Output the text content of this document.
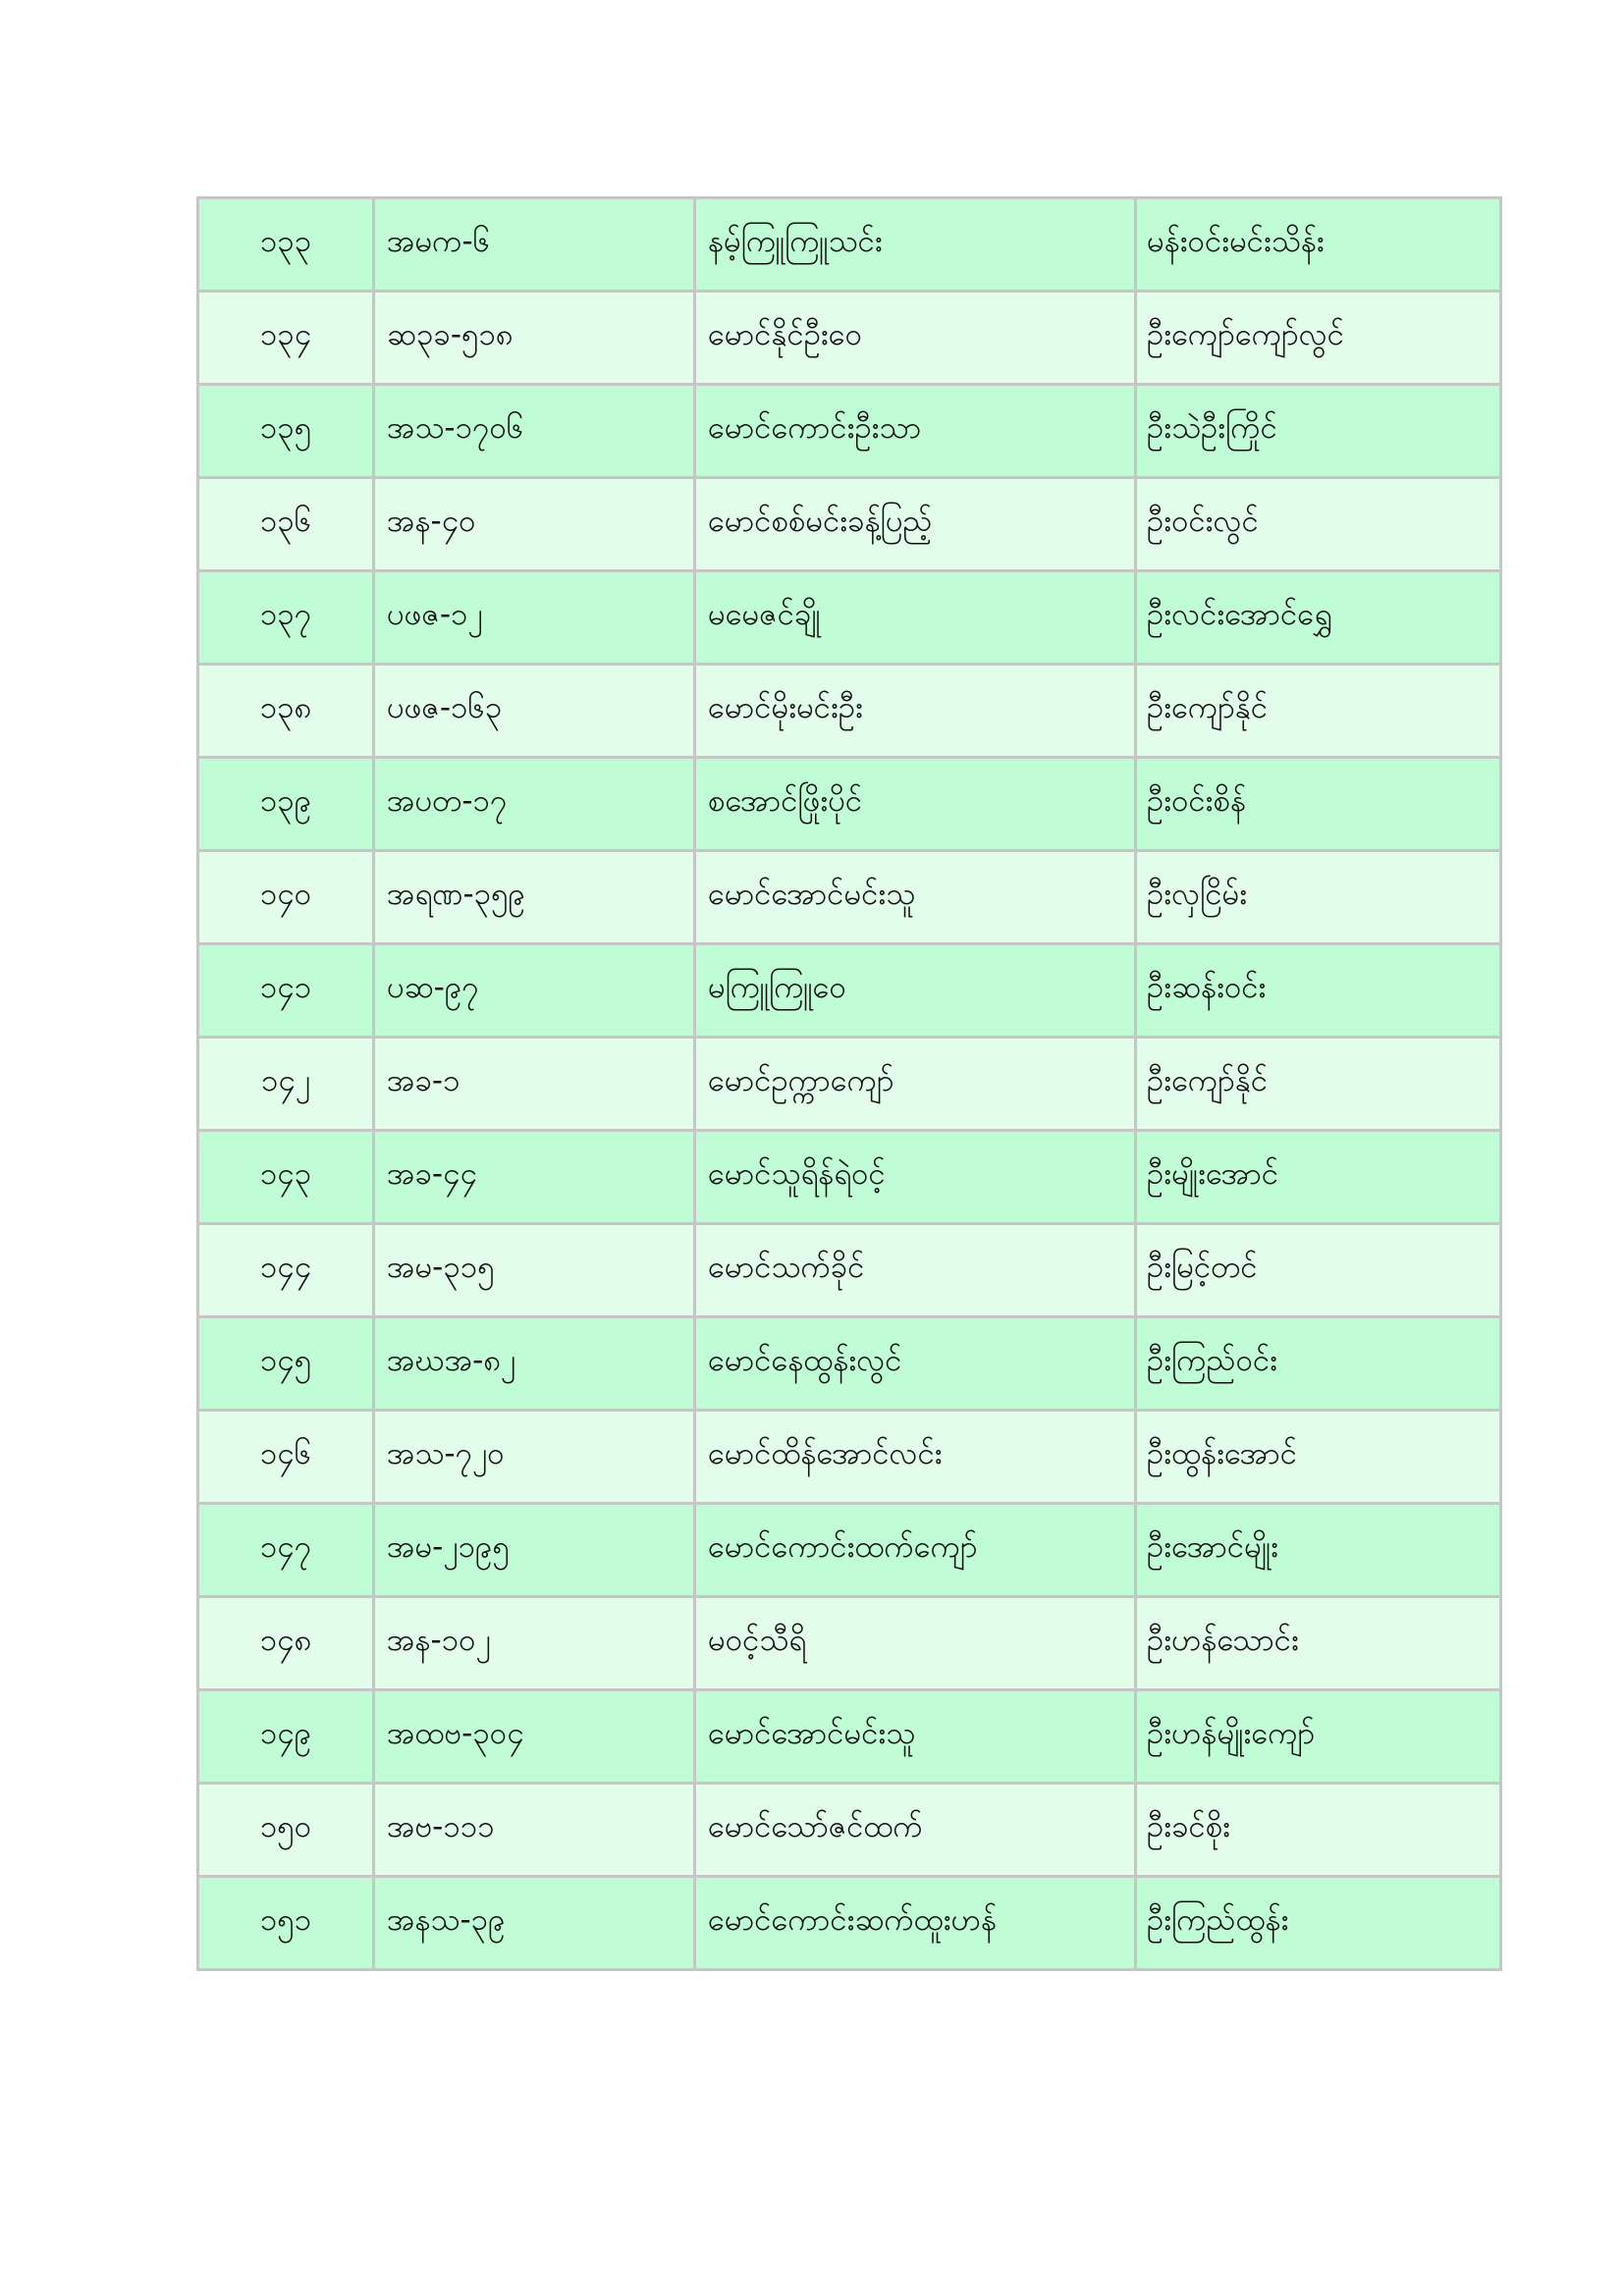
၁၃၃	အမက-၆	နမ့်ကြူကြူသင်း	မန်းဝင်းမင်းသိန်း
၁၃၄	ဆ၃ခ-၅၁၈	မောင်နိုင်ဦးဝေ	ဦးကျော်ကျော်လွင်
၁၃၅	အသ-၁၇၀၆	မောင်ကောင်းဦးသာ	ဦးသဲဦးကြိုင်
၁၃၆	အန-၄၀	မောင်စစ်မင်းခန့်ပြည့်	ဦးဝင်းလွင်
၁၃၇	ပဖဇ-၁၂	မမေဇင်ချို	ဦးလင်းအောင်ရွှေ
၁၃၈	ပဖဇ-၁၆၃	မောင်မိုးမင်းဦး	ဦးကျော်နိုင်
၁၃၉	အပတ-၁၇	စအောင်ဖြိုးပိုင်	ဦးဝင်းစိန်
၁၄၀	အရဏ-၃၅၉	မောင်အောင်မင်းသူ	ဦးလှငြိမ်း
၁၄၁	ပဆ-၉၇	မကြူကြူဝေ	ဦးဆန်းဝင်း
၁၄၂	အခ-၁	မောင်ဥက္ကာကျော်	ဦးကျော်နိုင်
၁၄၃	အခ-၄၄	မောင်သူရိန်ရဲဝင့်	ဦးမျိုးအောင်
၁၄၄	အမ-၃၁၅	မောင်သက်ခိုင်	ဦးမြင့်တင်
၁၄၅	အဃအ-၈၂	မောင်နေထွန်းလွင်	ဦးကြည်ဝင်း
၁၄၆	အသ-၇၂၀	မောင်ထိန်အောင်လင်း	ဦးထွန်းအောင်
၁၄၇	အမ-၂၁၉၅	မောင်ကောင်းထက်ကျော်	ဦးအောင်မျိုး
၁၄၈	အန-၁၀၂	မဝင့်သီရိ	ဦးဟန်သောင်း
၁၄၉	အထဗ-၃၀၄	မောင်အောင်မင်းသူ	ဦးဟန်မျိုးကျော်
၁၅၀	အဗ-၁၁၁	မောင်သော်ဇင်ထက်	ဦးခင်စိုး
၁၅၁	အနသ-၃၉	မောင်ကောင်းဆက်ထူးဟန်	ဦးကြည်ထွန်း
